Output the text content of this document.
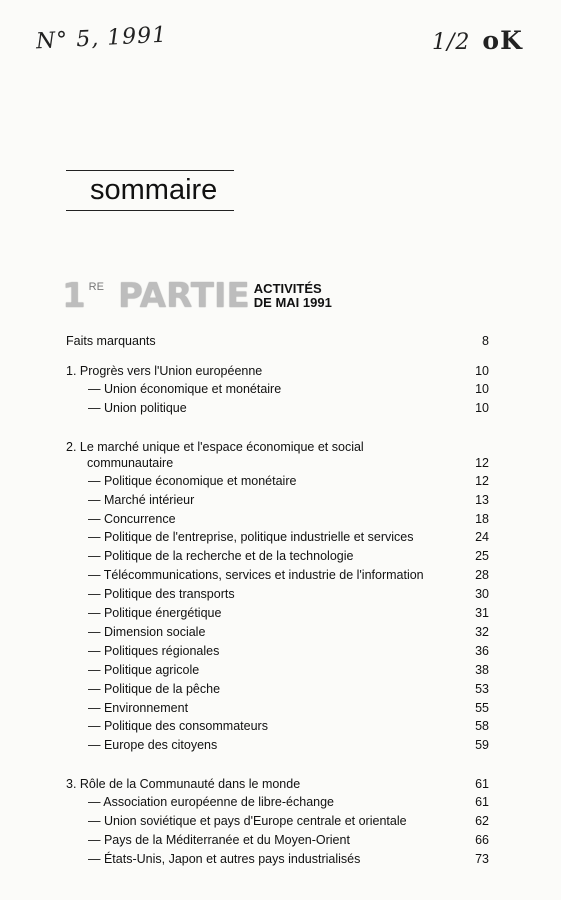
N° 5, 1991	1/2 oK
sommaire
1 RE PARTIE ACTIVITÉS
DE MAI 1991
Faits marquants	8
1. Progrès vers l'Union européenne	10
— Union économique et monétaire	10
— Union politique	10
2. Le marché unique et l'espace économique et social
communautaire	12
— Politique économique et monétaire	12
— Marché intérieur	13
— Concurrence	18
— Politique de l'entreprise, politique industrielle et services	24
— Politique de la recherche et de la technologie	25
— Télécommunications, services et industrie de l'information	28
— Politique des transports	30
— Politique énergétique	31
— Dimension sociale	32
— Politiques régionales	36
— Politique agricole	38
— Politique de la pêche	53
— Environnement	55
— Politique des consommateurs	58
— Europe des citoyens	59
3. Rôle de la Communauté dans le monde	61
— Association européenne de libre-échange	61
— Union soviétique et pays d'Europe centrale et orientale	62
— Pays de la Méditerranée et du Moyen-Orient	66
— États-Unis, Japon et autres pays industrialisés	73
